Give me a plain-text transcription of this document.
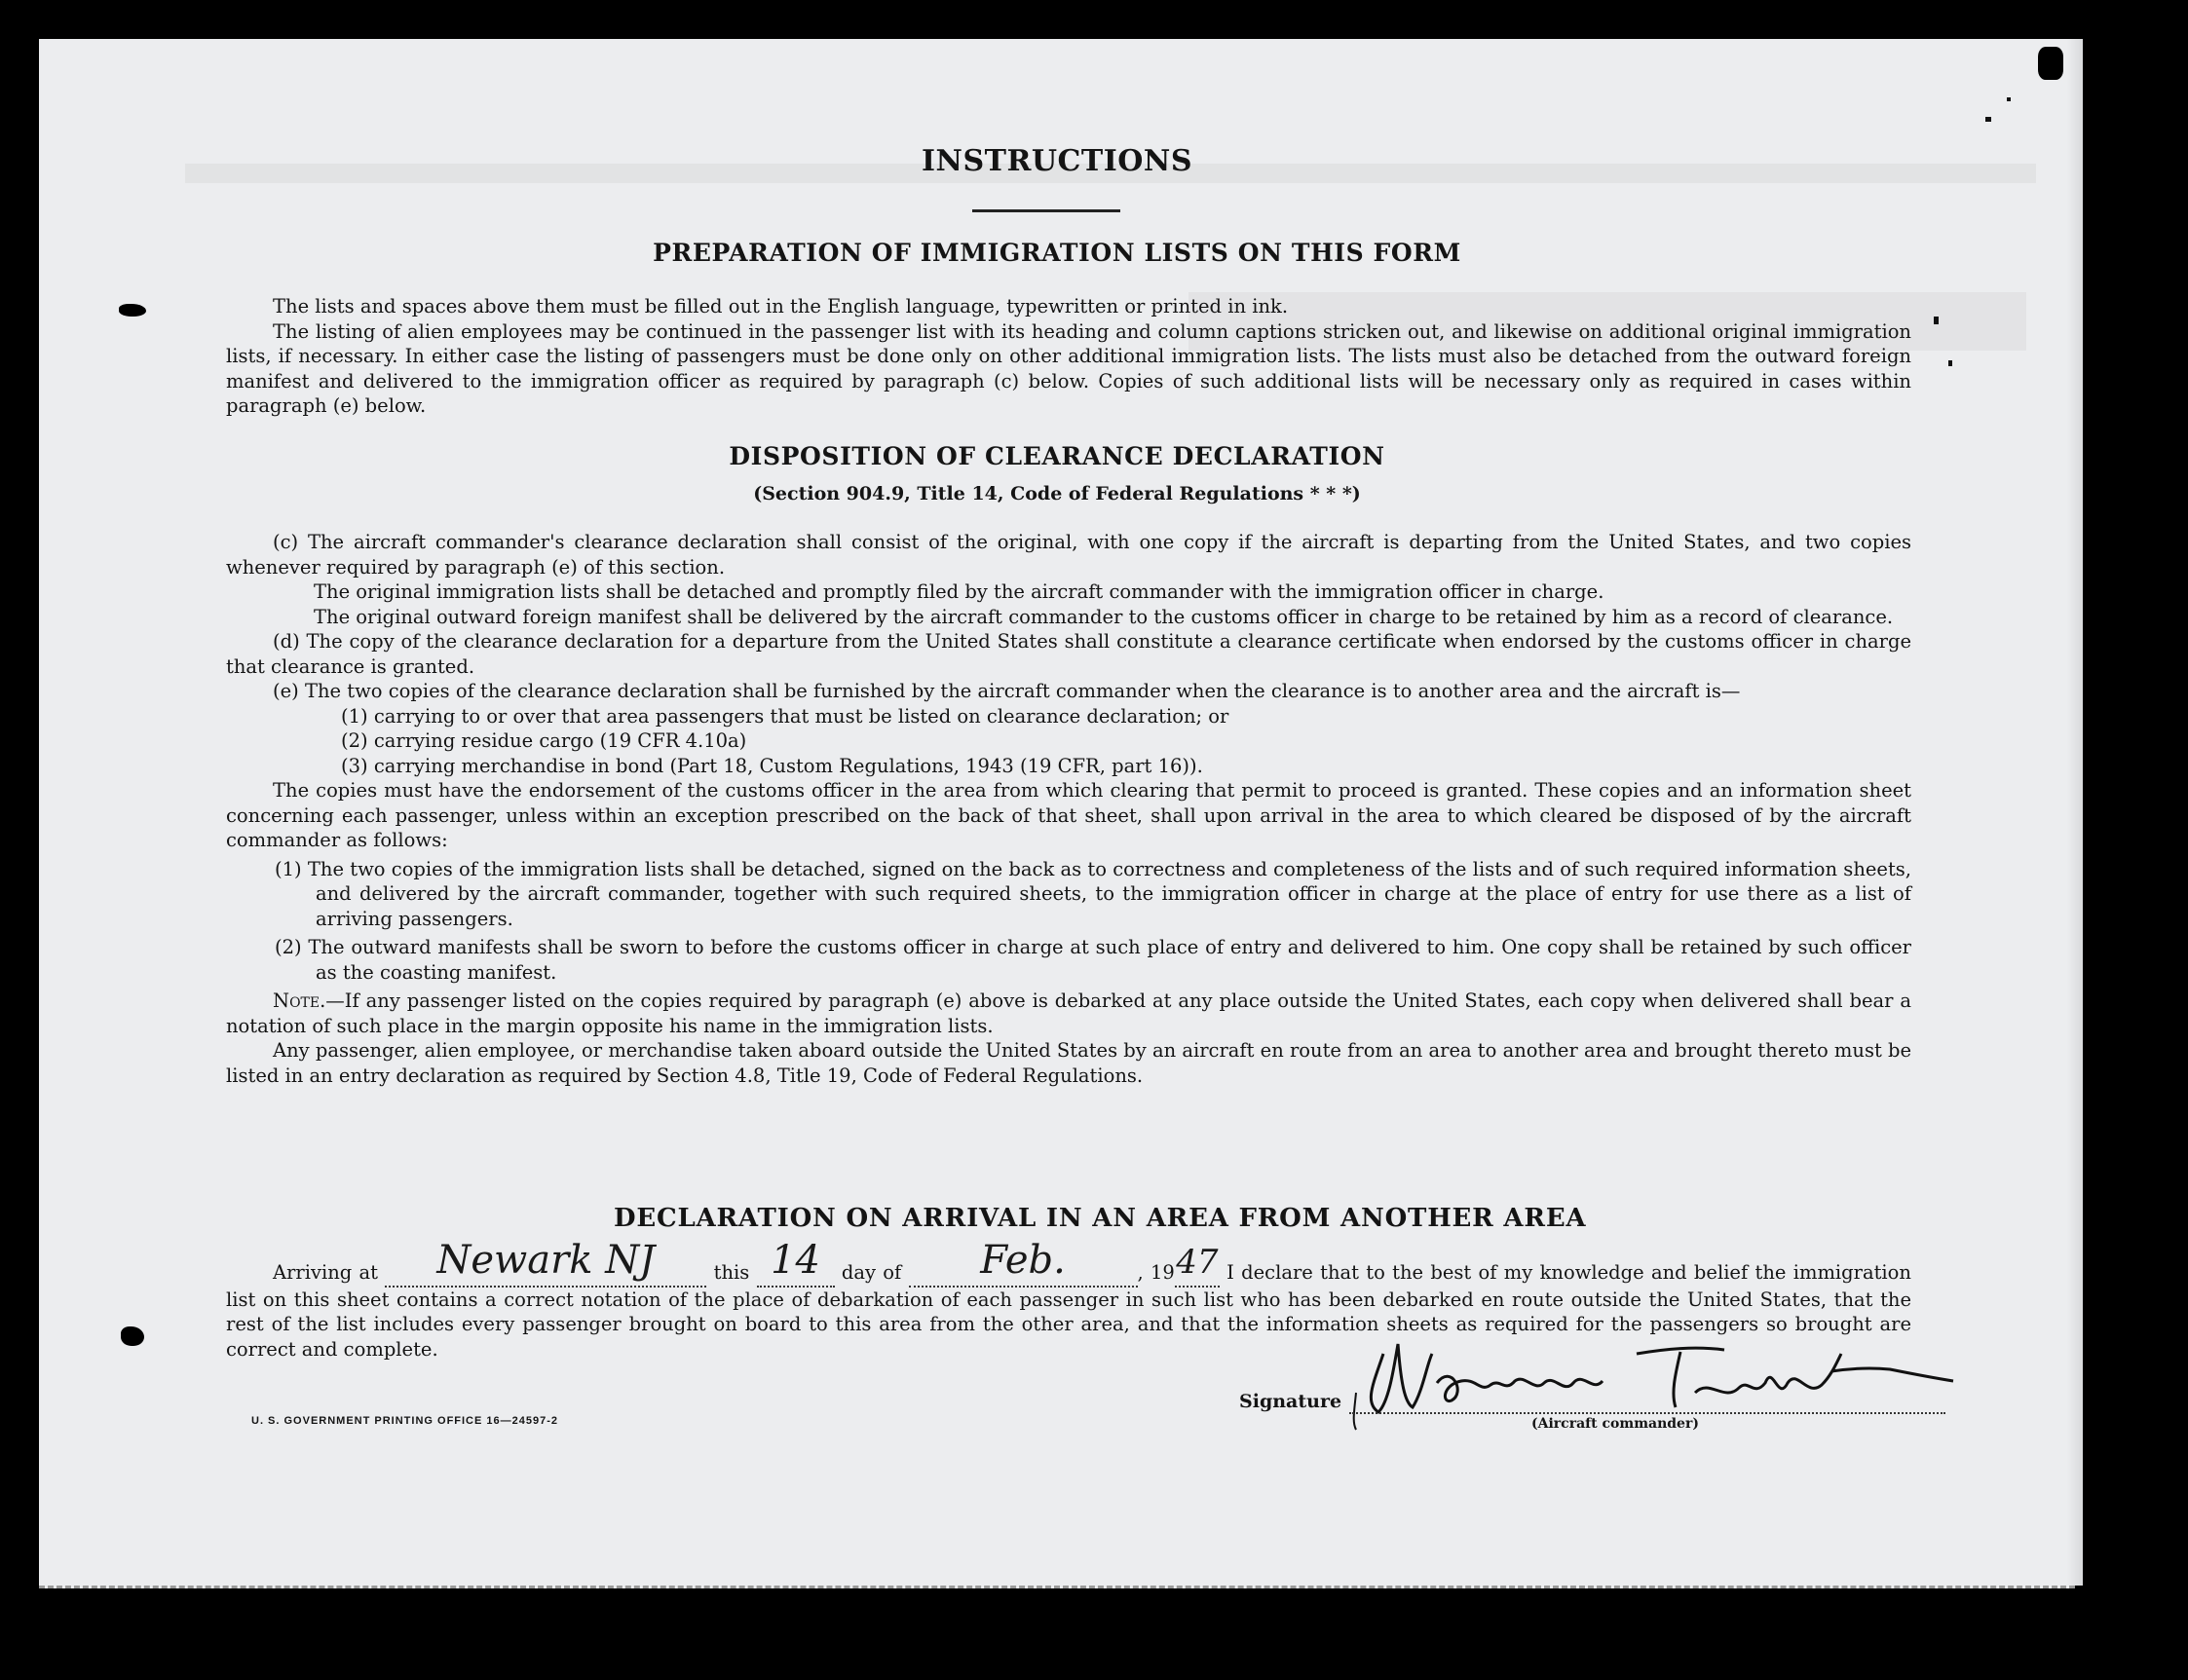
INSTRUCTIONS
PREPARATION OF IMMIGRATION LISTS ON THIS FORM

The lists and spaces above them must be filled out in the English language, typewritten or printed in ink.

The listing of alien employees may be continued in the passenger list with its heading and column captions stricken out, and likewise on additional original immigration lists, if necessary. In either case the listing of passengers must be done only on other additional immigration lists. The lists must also be detached from the outward foreign manifest and delivered to the immigration officer as required by paragraph (c) below. Copies of such additional lists will be necessary only as required in cases within paragraph (e) below.

DISPOSITION OF CLEARANCE DECLARATION
(Section 904.9, Title 14, Code of Federal Regulations * * *)

(c) The aircraft commander's clearance declaration shall consist of the original, with one copy if the aircraft is departing from the United States, and two copies whenever required by paragraph (e) of this section.

The original immigration lists shall be detached and promptly filed by the aircraft commander with the immigration officer in charge.

The original outward foreign manifest shall be delivered by the aircraft commander to the customs officer in charge to be retained by him as a record of clearance.

(d) The copy of the clearance declaration for a departure from the United States shall constitute a clearance certificate when endorsed by the customs officer in charge that clearance is granted.

(e) The two copies of the clearance declaration shall be furnished by the aircraft commander when the clearance is to another area and the aircraft is—

(1) carrying to or over that area passengers that must be listed on clearance declaration; or

(2) carrying residue cargo (19 CFR 4.10a)

(3) carrying merchandise in bond (Part 18, Custom Regulations, 1943 (19 CFR, part 16)).

The copies must have the endorsement of the customs officer in the area from which clearing that permit to proceed is granted. These copies and an information sheet concerning each passenger, unless within an exception prescribed on the back of that sheet, shall upon arrival in the area to which cleared be disposed of by the aircraft commander as follows:

(1) The two copies of the immigration lists shall be detached, signed on the back as to correctness and completeness of the lists and of such required information sheets, and delivered by the aircraft commander, together with such required sheets, to the immigration officer in charge at the place of entry for use there as a list of arriving passengers.

(2) The outward manifests shall be sworn to before the customs officer in charge at such place of entry and delivered to him. One copy shall be retained by such officer as the coasting manifest.

Note.—If any passenger listed on the copies required by paragraph (e) above is debarked at any place outside the United States, each copy when delivered shall bear a notation of such place in the margin opposite his name in the immigration lists.

Any passenger, alien employee, or merchandise taken aboard outside the United States by an aircraft en route from an area to another area and brought thereto must be listed in an entry declaration as required by Section 4.8, Title 19, Code of Federal Regulations.

DECLARATION ON ARRIVAL IN AN AREA FROM ANOTHER AREA
Arriving at Newark NJ	this 14 day of Feb.	, 1947 I declare that to the best of my knowledge and belief the immigration list on this sheet contains a correct notation of the place of debarkation of each passenger in such list who has been debarked en route outside the United States, that the rest of the list includes every passenger brought on board to this area from the other area, and that the information sheets as required for the passengers so brought are correct and complete.
Signature
(Aircraft commander)
U. S. GOVERNMENT PRINTING OFFICE 16—24597-2
